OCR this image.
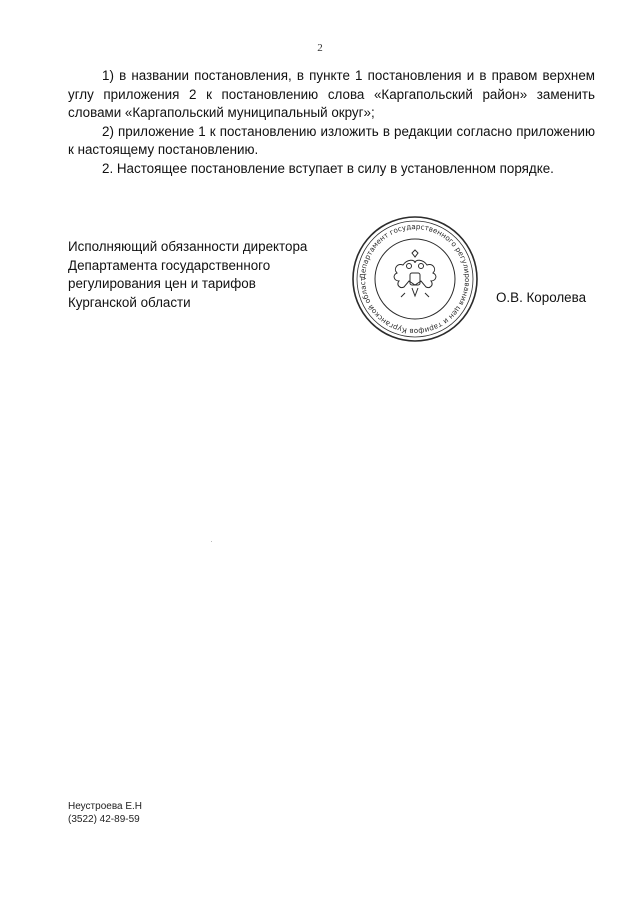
2

1) в названии постановления, в пункте 1 постановления и в правом верхнем углу приложения 2 к постановлению слова «Каргапольский район» заменить словами «Каргапольский муниципальный округ»;

2) приложение 1 к постановлению изложить в редакции согласно приложению к настоящему постановлению.

2. Настоящее постановление вступает в силу в установленном порядке.

Исполняющий обязанности директора
Департамента государственного
регулирования цен и тарифов
Курганской области
Департамент государственного регулирования цен и тарифов Курганской област
О.В. Королева
Неустроева Е.Н
(3522) 42-89-59
